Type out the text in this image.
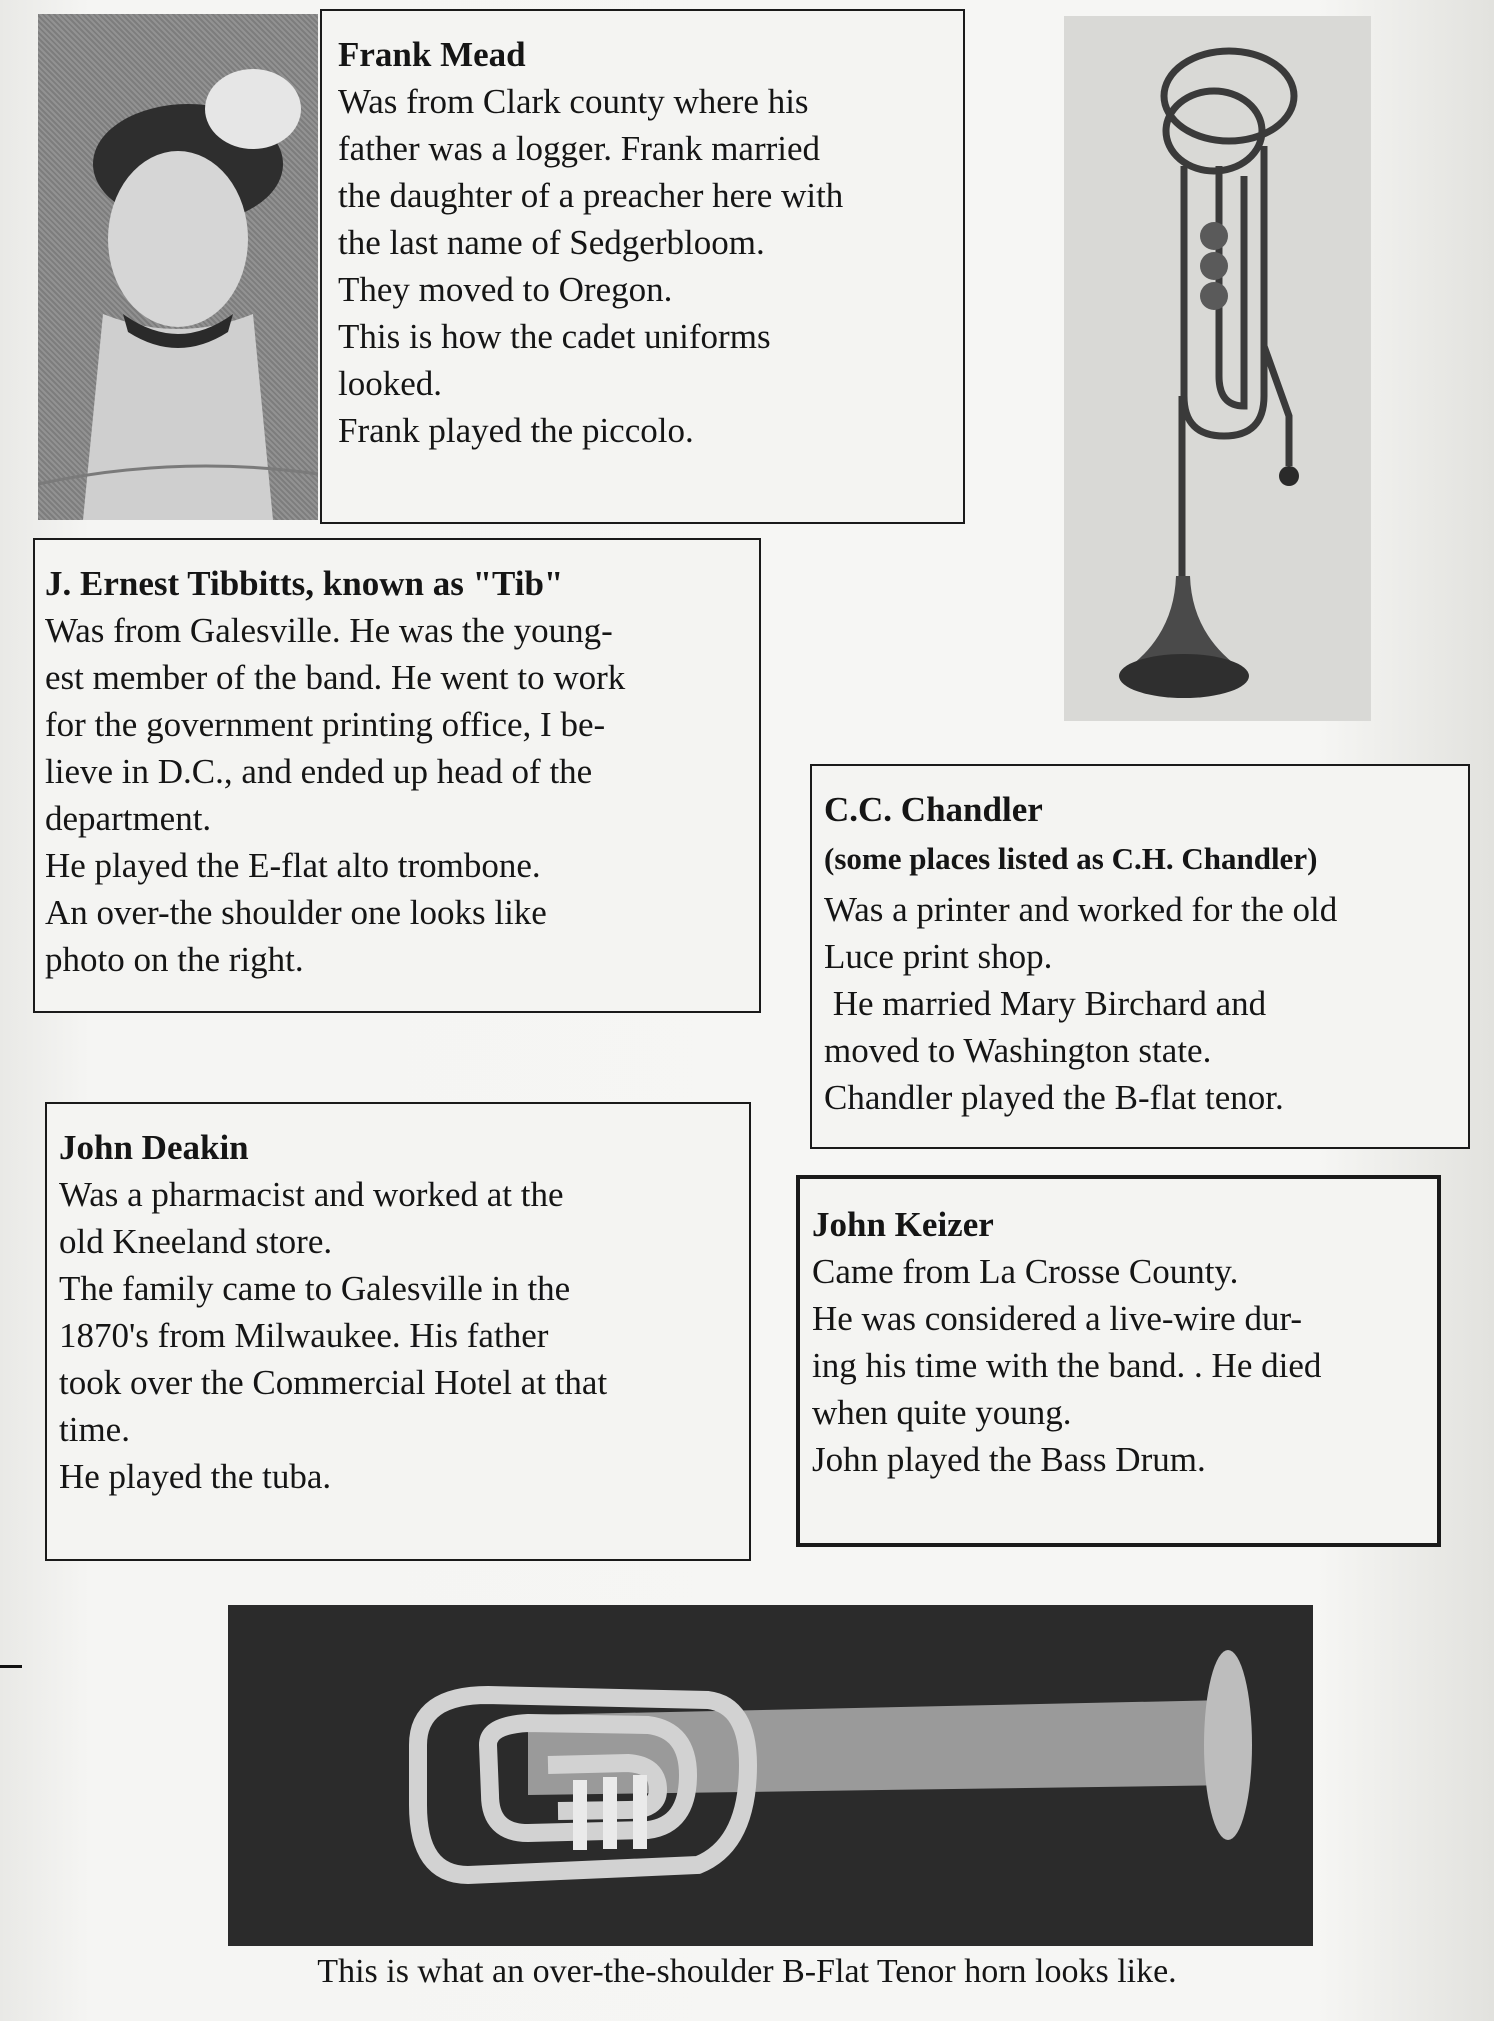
Frank Mead
Was from Clark county where his
father was a logger. Frank married
the daughter of a preacher here with
the last name of Sedgerbloom.
They moved to Oregon.
This is how the cadet uniforms
looked.
Frank played the piccolo.
J. Ernest Tibbitts, known as "Tib"
Was from Galesville. He was the young-
est member of the band. He went to work
for the government printing office, I be-
lieve in D.C., and ended up head of the
department.
He played the E-flat alto trombone.
An over-the shoulder one looks like
photo on the right.
C.C. Chandler
(some places listed as C.H. Chandler)
Was a printer and worked for the old
Luce print shop.
He married Mary Birchard and
moved to Washington state.
Chandler played the B-flat tenor.
John Deakin
Was a pharmacist and worked at the
old Kneeland store.
The family came to Galesville in the
1870's from Milwaukee. His father
took over the Commercial Hotel at that
time.
He played the tuba.
John Keizer
Came from La Crosse County.
He was considered a live-wire dur-
ing his time with the band. . He died
when quite young.
John played the Bass Drum.
This is what an over-the-shoulder B-Flat Tenor horn looks like.
